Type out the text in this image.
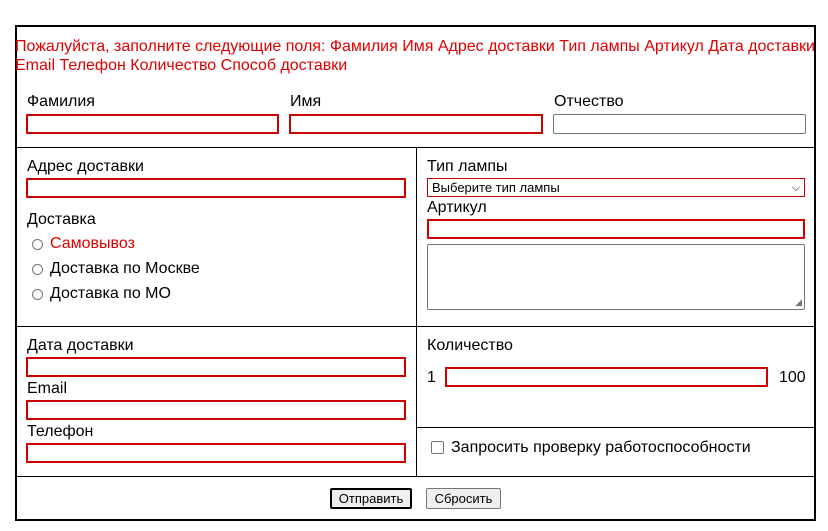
Пожалуйста, заполните следующие поля: Фамилия Имя Адрес доставки Тип лампы Артикул Дата доставки Email Телефон Количество Способ доставки
Фамилия	Имя	Отчество
Адрес доставки
Доставка
Самовывоз
Доставка по Москве
Доставка по МО
Тип лампы
Выберите тип лампы	⌵
Артикул
◢
Дата доставки
Email
Телефон
Количество
1	100
Запросить проверку работоспособности
Отправить	Сбросить
